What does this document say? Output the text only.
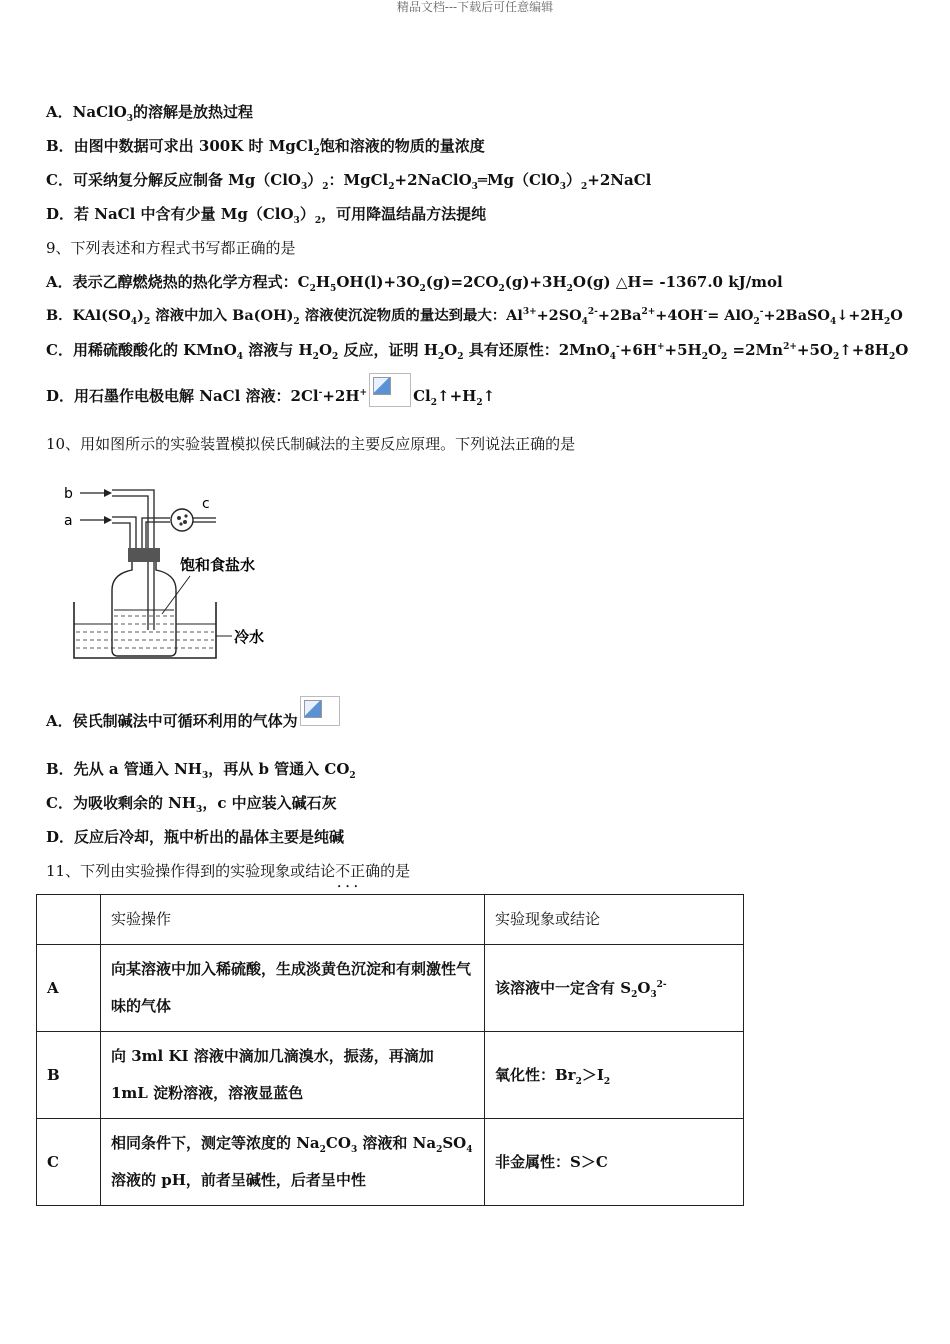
精品文档---下载后可任意编辑
A．NaClO$_3$的溶解是放热过程
B．由图中数据可求出 300K 时 MgCl$_2$饱和溶液的物质的量浓度
C．可采纳复分解反应制备 $Mg(ClO_3)_2$：$MgCl_2+2NaClO_3═Mg(ClO_3)_2+2NaCl$
D．若 NaCl 中含有少量 $Mg(ClO_3)_2$，可用降温结晶方法提纯
9、下列表述和方程式书写都正确的是
A．表示乙醇燃烧热的热化学方程式：$C_2H_5OH(l)+3O_2(g)=2CO_2(g)+3H_2O(g)$ △H= -1367.0 kJ/mol
B．$KAl(SO_4)_2$ 溶液中加入 $Ba(OH)_2$ 溶液使沉淀物质的量达到最大：$Al^{3+}+2SO_4^{2-}+2Ba^{2+}+4OH^-=$ $AlO_2^-+2BaSO_4↓+2H_2O$
C．用稀硫酸酸化的 KMnO$_4$ 溶液与 $H_2O_2$ 反应，证明 $H_2O_2$ 具有还原性：$2MnO_4^-+6H^++5H_2O_2$ $=2Mn^{2+}+5O_2↑+8H_2O$
D．用石墨作电极电解 NaCl 溶液：2Cl-+2H+	$Cl_2↑+H_2↑$
10、用如图所示的实验装置模拟侯氏制碱法的主要反应原理。下列说法正确的是
b
a
c
饱和食盐水
冷水
A．侯氏制碱法中可循环利用的气体为
B．先从 a 管通入 $NH_3$，再从 b 管通入 $CO_2$
C．为吸收剩余的 $NH_3$，c 中应装入碱石灰
D．反应后冷却，瓶中析出的晶体主要是纯碱
11、下列由实验操作得到的实验现象或结论不正确 • • •的是
	实验操作	实验现象或结论
A	向某溶液中加入稀硫酸，生成淡黄色沉淀和有刺激性气味的气体	该溶液中一定含有 $S_2O_3^{2-}$
B	向 3ml KI 溶液中滴加几滴溴水，振荡，再滴加 1mL 淀粉溶液，溶液显蓝色	氧化性：$Br_2>I_2$
C	相同条件下，测定等浓度的 $Na_2CO_3$ 溶液和 $Na_2SO_4$ 溶液的 pH，前者呈碱性，后者呈中性	非金属性：S＞C
